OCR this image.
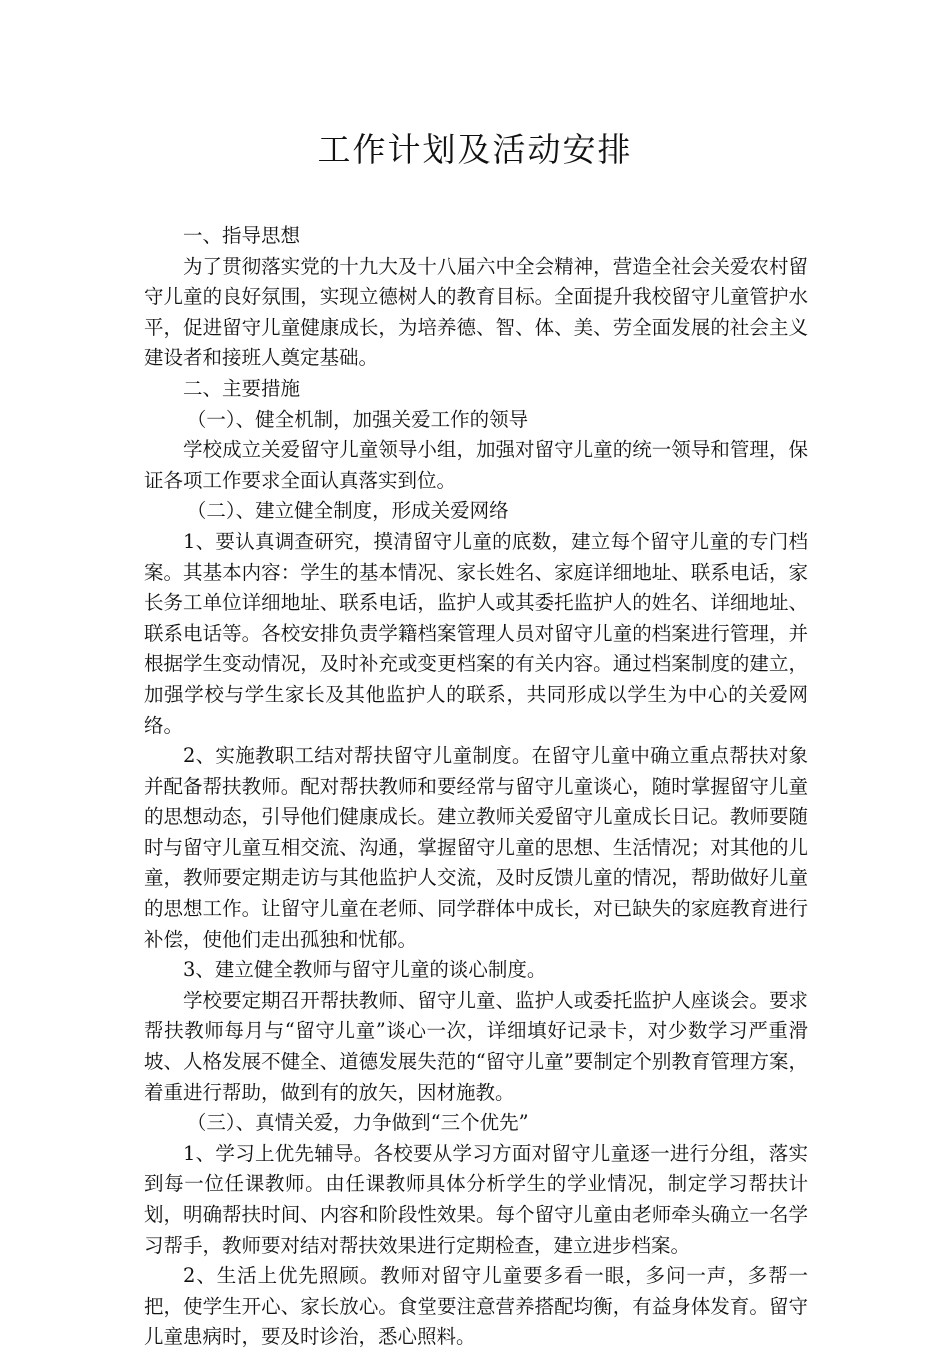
工作计划及活动安排

一、指导思想

为了贯彻落实党的十九大及十八届六中全会精神，营造全社会关爱农村留守儿童的良好氛围，实现立德树人的教育目标。全面提升我校留守儿童管护水平，促进留守儿童健康成长，为培养德、智、体、美、劳全面发展的社会主义建设者和接班人奠定基础。

二、主要措施

（一）、健全机制，加强关爱工作的领导

学校成立关爱留守儿童领导小组，加强对留守儿童的统一领导和管理，保证各项工作要求全面认真落实到位。

（二）、建立健全制度，形成关爱网络

1、要认真调查研究，摸清留守儿童的底数，建立每个留守儿童的专门档案。其基本内容：学生的基本情况、家长姓名、家庭详细地址、联系电话，家长务工单位详细地址、联系电话，监护人或其委托监护人的姓名、详细地址、联系电话等。各校安排负责学籍档案管理人员对留守儿童的档案进行管理，并根据学生变动情况，及时补充或变更档案的有关内容。通过档案制度的建立，加强学校与学生家长及其他监护人的联系，共同形成以学生为中心的关爱网络。

2、实施教职工结对帮扶留守儿童制度。在留守儿童中确立重点帮扶对象并配备帮扶教师。配对帮扶教师和要经常与留守儿童谈心，随时掌握留守儿童的思想动态，引导他们健康成长。建立教师关爱留守儿童成长日记。教师要随时与留守儿童互相交流、沟通，掌握留守儿童的思想、生活情况；对其他的儿童，教师要定期走访与其他监护人交流，及时反馈儿童的情况，帮助做好儿童的思想工作。让留守儿童在老师、同学群体中成长，对已缺失的家庭教育进行补偿，使他们走出孤独和忧郁。

3、建立健全教师与留守儿童的谈心制度。

学校要定期召开帮扶教师、留守儿童、监护人或委托监护人座谈会。要求帮扶教师每月与“留守儿童”谈心一次，详细填好记录卡，对少数学习严重滑坡、人格发展不健全、道德发展失范的“留守儿童”要制定个别教育管理方案，着重进行帮助，做到有的放矢，因材施教。

（三）、真情关爱，力争做到“三个优先”

1、学习上优先辅导。各校要从学习方面对留守儿童逐一进行分组，落实到每一位任课教师。由任课教师具体分析学生的学业情况，制定学习帮扶计划，明确帮扶时间、内容和阶段性效果。每个留守儿童由老师牵头确立一名学习帮手，教师要对结对帮扶效果进行定期检查，建立进步档案。

2、生活上优先照顾。教师对留守儿童要多看一眼，多问一声，多帮一把，使学生开心、家长放心。食堂要注意营养搭配均衡，有益身体发育。留守儿童患病时，要及时诊治，悉心照料。
